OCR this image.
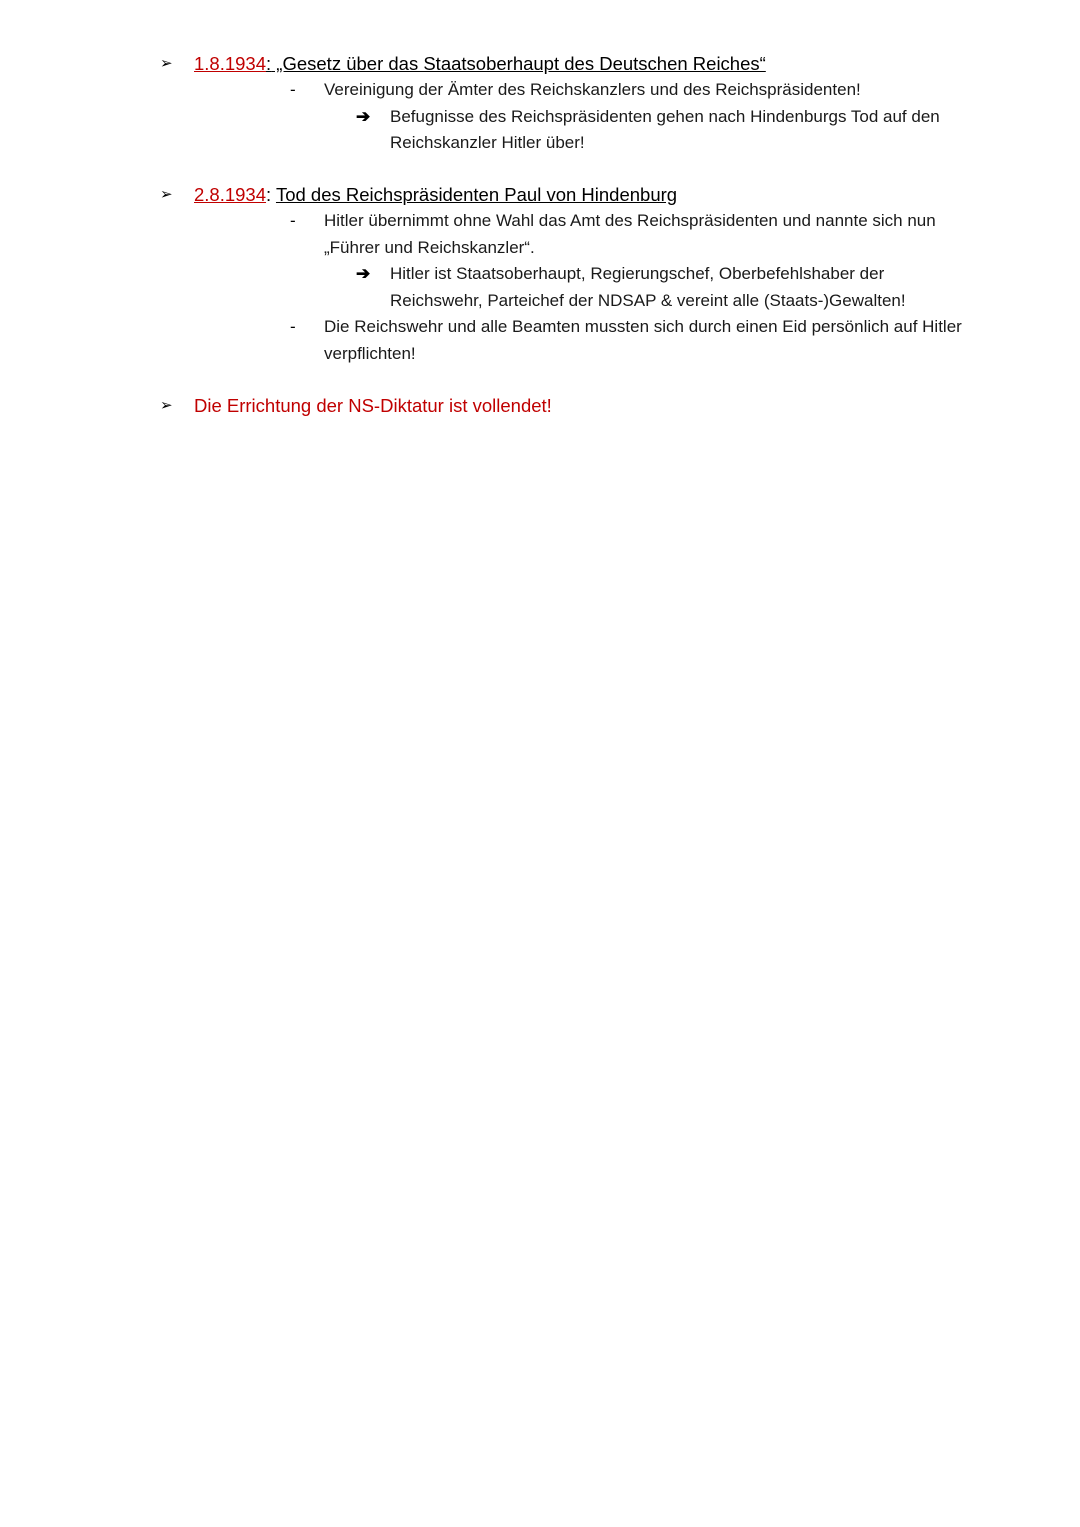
➢ 1.8.1934: „Gesetz über das Staatsoberhaupt des Deutschen Reiches“
- Vereinigung der Ämter des Reichskanzlers und des Reichspräsidenten!
➔ Befugnisse des Reichspräsidenten gehen nach Hindenburgs Tod auf den Reichskanzler Hitler über!
➢ 2.8.1934: Tod des Reichspräsidenten Paul von Hindenburg
- Hitler übernimmt ohne Wahl das Amt des Reichspräsidenten und nannte sich nun „Führer und Reichskanzler“.
➔ Hitler ist Staatsoberhaupt, Regierungschef, Oberbefehlshaber der Reichswehr, Parteichef der NDSAP & vereint alle (Staats-)Gewalten!
- Die Reichswehr und alle Beamten mussten sich durch einen Eid persönlich auf Hitler verpflichten!
➢ Die Errichtung der NS-Diktatur ist vollendet!
